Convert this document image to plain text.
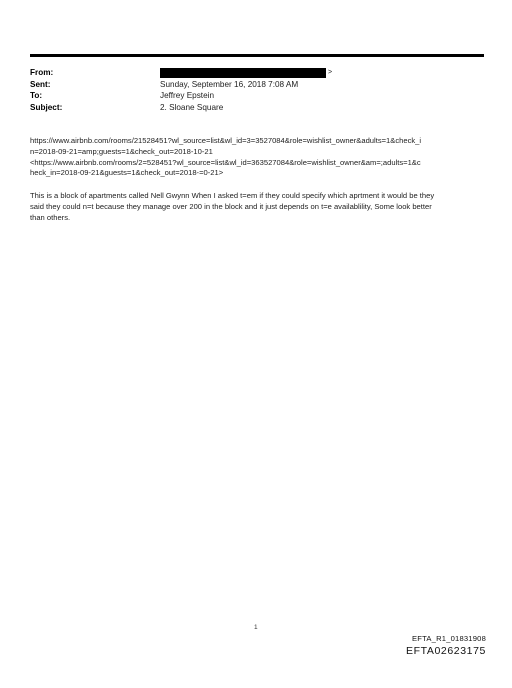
From:	>
Sent:	Sunday, September 16, 2018 7:08 AM
To:	Jeffrey Epstein
Subject:	2. Sloane Square

https://www.airbnb.com/rooms/21528451?wl_source=list&wl_id=3=3527084&role=wishlist_owner&adults=1&check_i

n=2018-09-21=amp;guests=1&check_out=2018-10-21

<https://www.airbnb.com/rooms/2=528451?wl_source=list&wl_id=363527084&role=wishlist_owner&am=;adults=1&c

heck_in=2018-09-21&guests=1&check_out=2018-=0-21>

This is a block of apartments called Nell Gwynn When I asked t=em if they could specify which aprtment it would be they

said they could n=t because they manage over 200 in the block and it just depends on t=e availablility, Some look better

than others.

1
EFTA_R1_01831908
EFTA02623175
